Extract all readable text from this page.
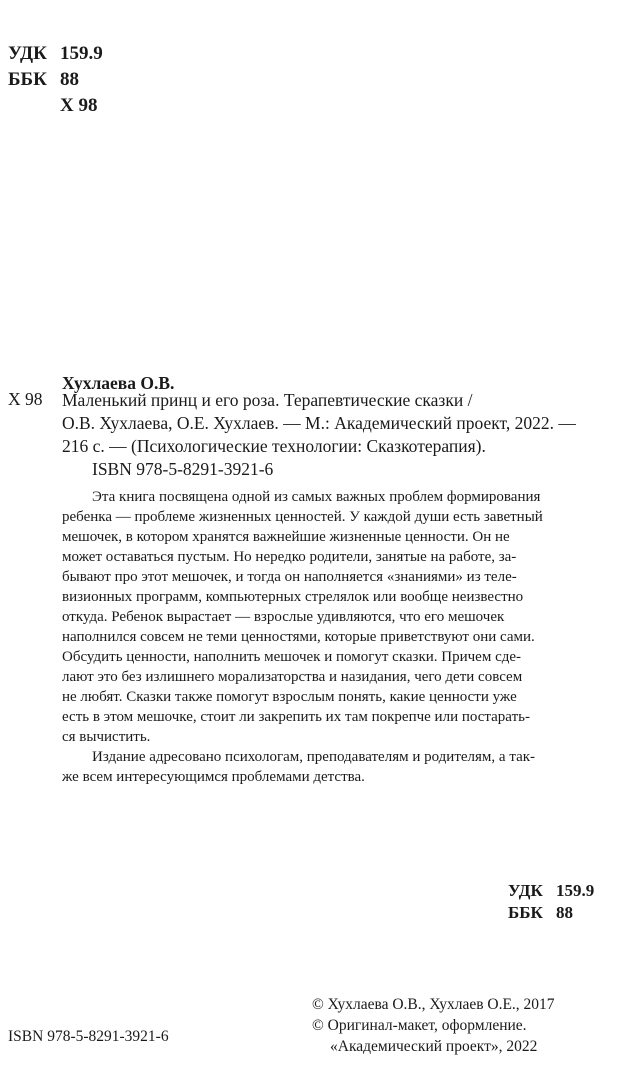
УДК 159.9
ББК 88
Х 98
Хухлаева О.В.
Х 98 Маленький принц и его роза. Терапевтические сказки /
О.В. Хухлаева, О.Е. Хухлаев. — М.: Академический проект, 2022. —
216 с. — (Психологические технологии: Сказкотерапия).
ISBN 978-5-8291-3921-6
Эта книга посвящена одной из самых важных проблем формирования
ребенка — проблеме жизненных ценностей. У каждой души есть заветный
мешочек, в котором хранятся важнейшие жизненные ценности. Он не
может оставаться пустым. Но нередко родители, занятые на работе, за-
бывают про этот мешочек, и тогда он наполняется «знаниями» из теле-
визионных программ, компьютерных стрелялок или вообще неизвестно
откуда. Ребенок вырастает — взрослые удивляются, что его мешочек
наполнился совсем не теми ценностями, которые приветствуют они сами.
Обсудить ценности, наполнить мешочек и помогут сказки. Причем сде-
лают это без излишнего морализаторства и назидания, чего дети совсем
не любят. Сказки также помогут взрослым понять, какие ценности уже
есть в этом мешочке, стоит ли закрепить их там покрепче или постарать-
ся вычистить.
Издание адресовано психологам, преподавателям и родителям, а так-
же всем интересующимся проблемами детства.
УДК 159.9
ББК 88
© Хухлаева О.В., Хухлаев О.Е., 2017
© Оригинал-макет, оформление.
«Академический проект», 2022
ISBN 978-5-8291-3921-6
